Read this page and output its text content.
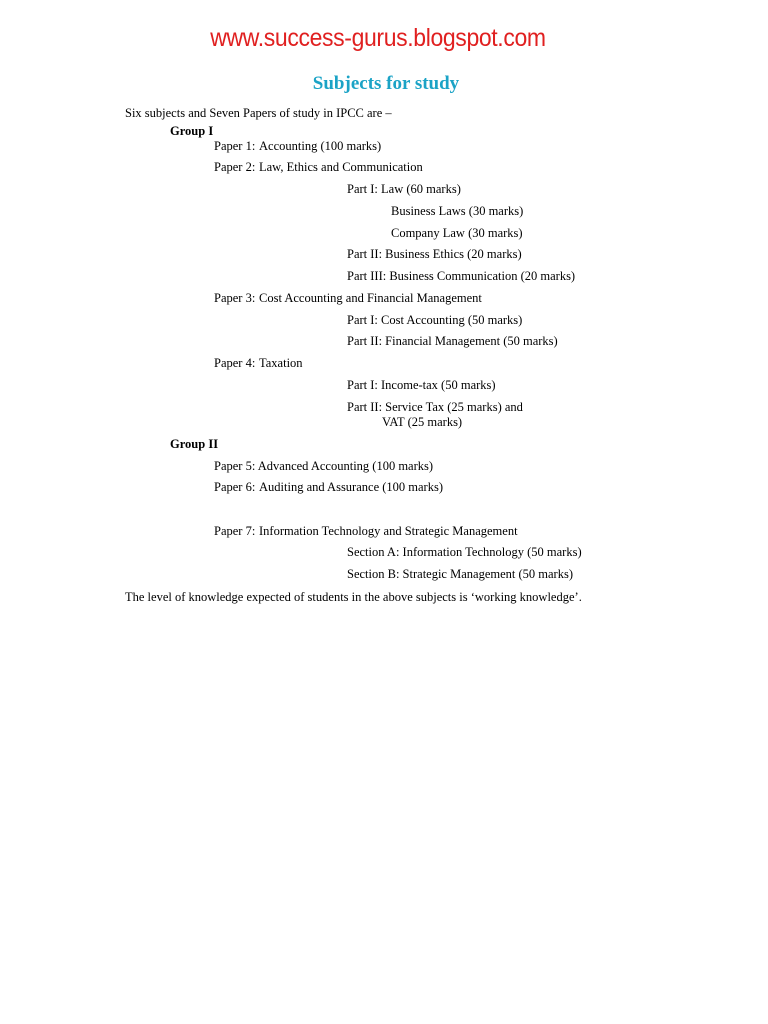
www.success-gurus.blogspot.com
Subjects for study
Six subjects and Seven Papers of study in IPCC are –
Group I
Paper 1: Accounting (100 marks)
Paper 2: Law, Ethics and Communication
Part I: Law (60 marks)
Business Laws (30 marks)
Company Law (30 marks)
Part II: Business Ethics (20 marks)
Part III: Business Communication (20 marks)
Paper 3: Cost Accounting and Financial Management
Part I: Cost Accounting (50 marks)
Part II: Financial Management (50 marks)
Paper 4: Taxation
Part I: Income-tax (50 marks)
Part II: Service Tax (25 marks) and
VAT (25 marks)
Group II
Paper 5: Advanced Accounting (100 marks)
Paper 6: Auditing and Assurance (100 marks)
Paper 7: Information Technology and Strategic Management
Section A: Information Technology (50 marks)
Section B: Strategic Management (50 marks)
The level of knowledge expected of students in the above subjects is ‘working knowledge’.
